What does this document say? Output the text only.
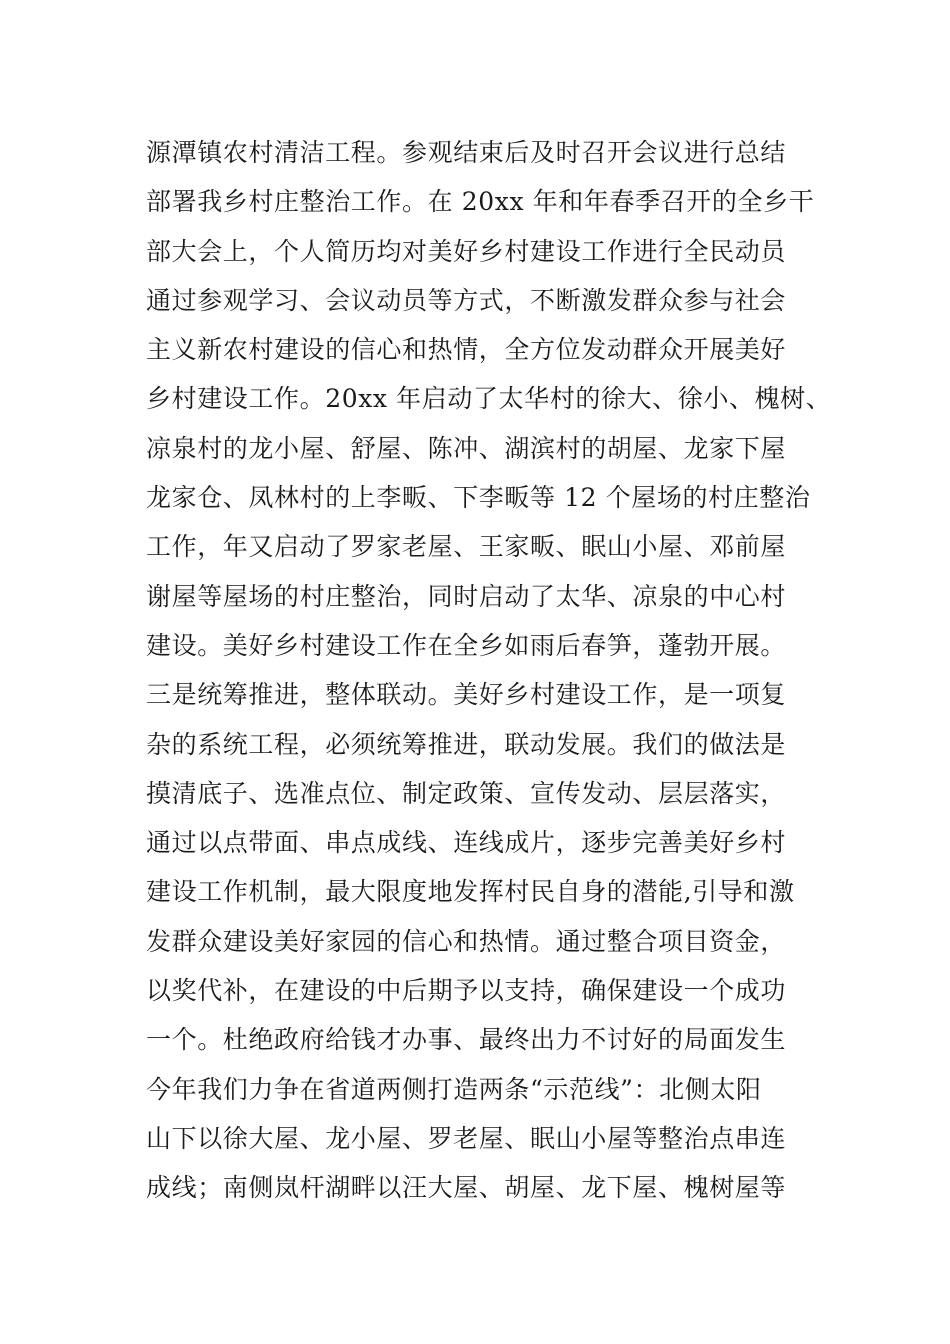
源潭镇农村清洁工程。参观结束后及时召开会议进行总结
部署我乡村庄整治工作。在 20xx 年和年春季召开的全乡干
部大会上，个人简历均对美好乡村建设工作进行全民动员
通过参观学习、会议动员等方式，不断激发群众参与社会
主义新农村建设的信心和热情，全方位发动群众开展美好
乡村建设工作。20xx 年启动了太华村的徐大、徐小、槐树、
凉泉村的龙小屋、舒屋、陈冲、湖滨村的胡屋、龙家下屋
龙家仓、凤林村的上李畈、下李畈等 12 个屋场的村庄整治
工作，年又启动了罗家老屋、王家畈、眠山小屋、邓前屋
谢屋等屋场的村庄整治，同时启动了太华、凉泉的中心村
建设。美好乡村建设工作在全乡如雨后春笋，蓬勃开展。
三是统筹推进，整体联动。美好乡村建设工作，是一项复
杂的系统工程，必须统筹推进，联动发展。我们的做法是
摸清底子、选准点位、制定政策、宣传发动、层层落实，
通过以点带面、串点成线、连线成片，逐步完善美好乡村
建设工作机制，最大限度地发挥村民自身的潜能,引导和激
发群众建设美好家园的信心和热情。通过整合项目资金，
以奖代补，在建设的中后期予以支持，确保建设一个成功
一个。杜绝政府给钱才办事、最终出力不讨好的局面发生
今年我们力争在省道两侧打造两条“示范线”：北侧太阳
山下以徐大屋、龙小屋、罗老屋、眠山小屋等整治点串连
成线；南侧岚杆湖畔以汪大屋、胡屋、龙下屋、槐树屋等
